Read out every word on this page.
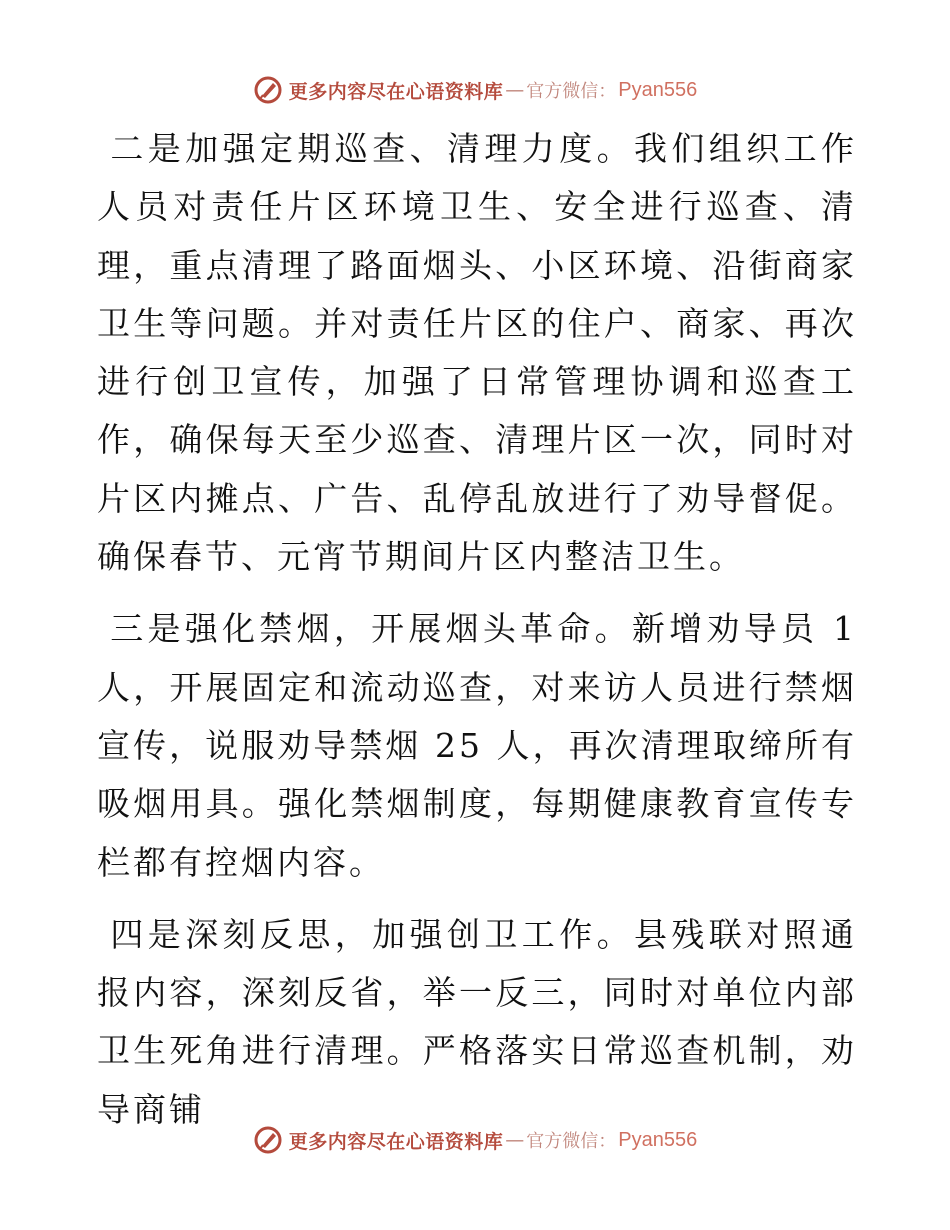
更多内容尽在心语资料库 — 官方微信： Pyan556

二是加强定期巡查、清理力度。我们组织工作人员对责任片区环境卫生、安全进行巡查、清理，重点清理了路面烟头、小区环境、沿街商家卫生等问题。并对责任片区的住户、商家、再次进行创卫宣传，加强了日常管理协调和巡查工作，确保每天至少巡查、清理片区一次，同时对片区内摊点、广告、乱停乱放进行了劝导督促。确保春节、元宵节期间片区内整洁卫生。

三是强化禁烟，开展烟头革命。新增劝导员 1 人，开展固定和流动巡查，对来访人员进行禁烟宣传，说服劝导禁烟 25 人，再次清理取缔所有吸烟用具。强化禁烟制度，每期健康教育宣传专栏都有控烟内容。

四是深刻反思，加强创卫工作。县残联对照通报内容，深刻反省，举一反三，同时对单位内部卫生死角进行清理。严格落实日常巡查机制，劝导商铺

更多内容尽在心语资料库 — 官方微信： Pyan556
